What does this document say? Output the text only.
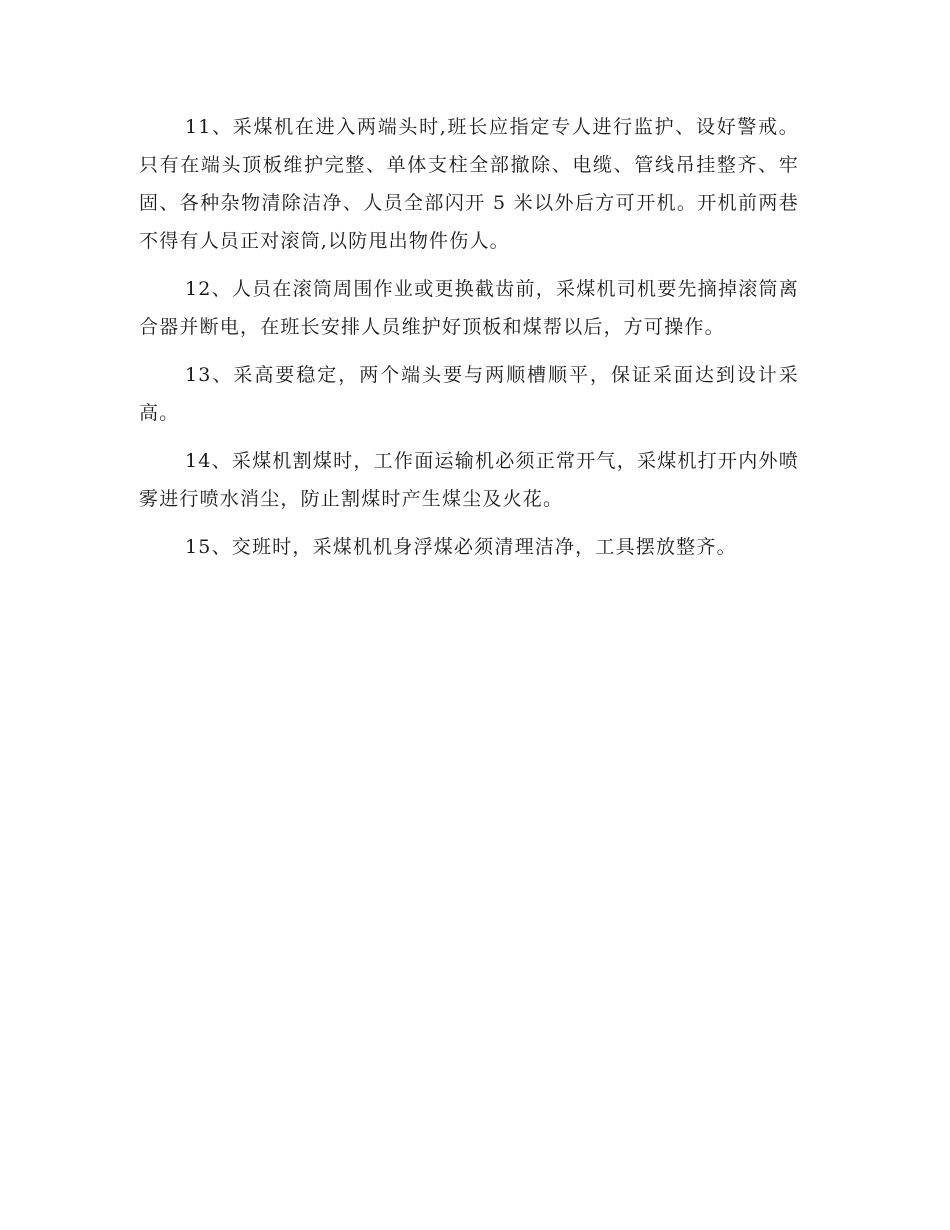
11、采煤机在进入两端头时,班长应指定专人进行监护、设好警戒。只有在端头顶板维护完整、单体支柱全部撤除、电缆、管线吊挂整齐、牢固、各种杂物清除洁净、人员全部闪开 5 米以外后方可开机。开机前两巷不得有人员正对滚筒,以防甩出物件伤人。

12、人员在滚筒周围作业或更换截齿前，采煤机司机要先摘掉滚筒离合器并断电，在班长安排人员维护好顶板和煤帮以后，方可操作。

13、采高要稳定，两个端头要与两顺槽顺平，保证采面达到设计采高。

14、采煤机割煤时，工作面运输机必须正常开气，采煤机打开内外喷雾进行喷水消尘，防止割煤时产生煤尘及火花。

15、交班时，采煤机机身浮煤必须清理洁净，工具摆放整齐。
